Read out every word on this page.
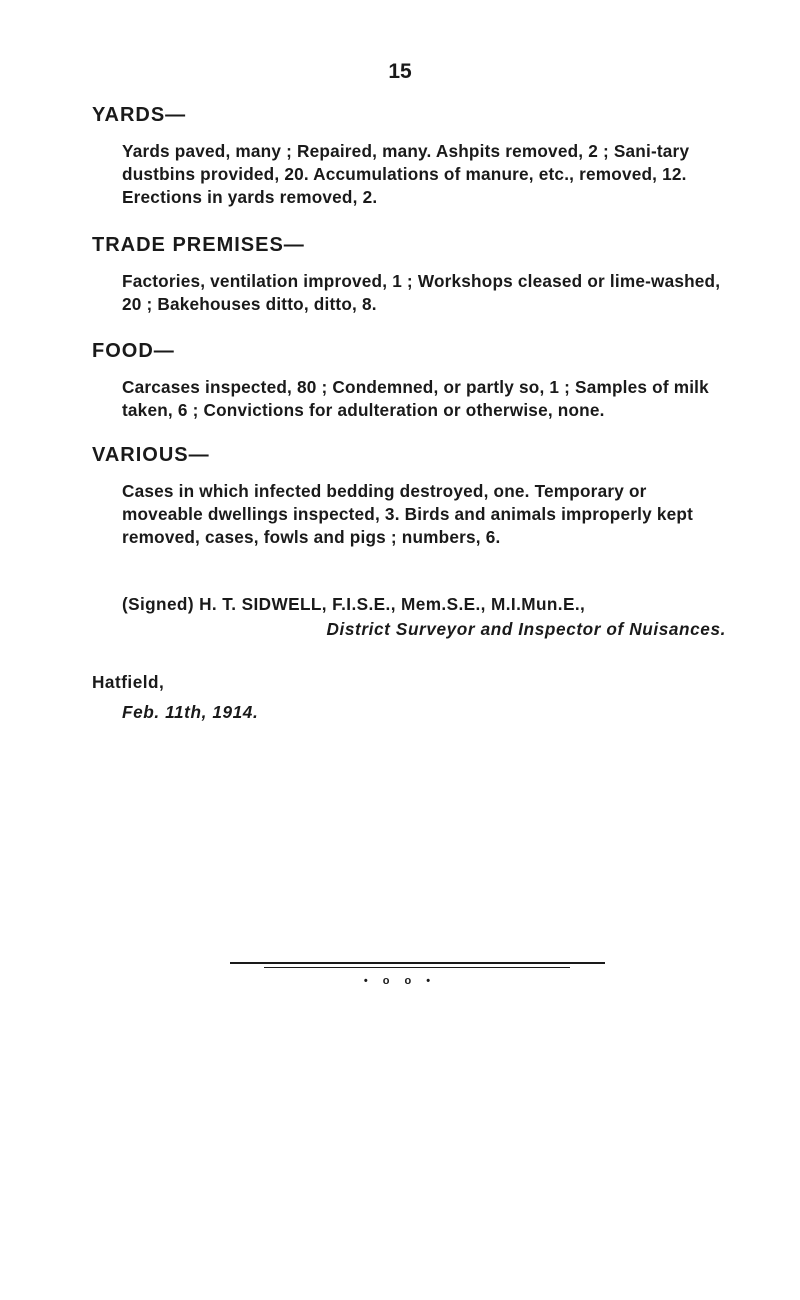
15
YARDS—

Yards paved, many ; Repaired, many. Ashpits removed, 2 ; Sani-tary dustbins provided, 20. Accumulations of manure, etc., removed, 12. Erections in yards removed, 2.

TRADE PREMISES—

Factories, ventilation improved, 1 ; Workshops cleased or lime-washed, 20 ; Bakehouses ditto, ditto, 8.

FOOD—

Carcases inspected, 80 ; Condemned, or partly so, 1 ; Samples of milk taken, 6 ; Convictions for adulteration or otherwise, none.

VARIOUS—

Cases in which infected bedding destroyed, one. Temporary or moveable dwellings inspected, 3. Birds and animals improperly kept removed, cases, fowls and pigs ; numbers, 6.

(Signed) H. T. SIDWELL, F.I.S.E., Mem.S.E., M.I.Mun.E.,
District Surveyor and Inspector of Nuisances.
Hatfield,
Feb. 11th, 1914.
• o o •
